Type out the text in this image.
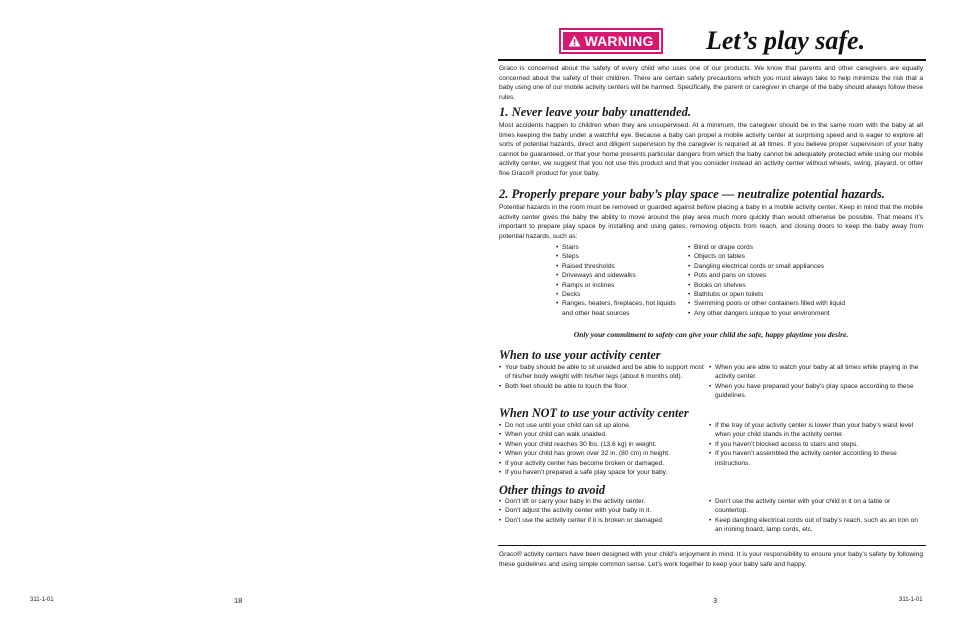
WARNING Let’s play safe.
Graco is concerned about the safety of every child who uses one of our products. We know that parents and other caregivers are equally concerned about the safety of their children. There are certain safety precautions which you must always take to help minimize the risk that a baby using one of our mobile activity centers will be harmed. Specifically, the parent or caregiver in charge of the baby should always follow these rules.
1. Never leave your baby unattended.
Most accidents happen to children when they are unsupervised. At a minimum, the caregiver should be in the same room with the baby at all times keeping the baby under a watchful eye. Because a baby can propel a mobile activity center at surprising speed and is eager to explore all sorts of potential hazards, direct and diligent supervision by the caregiver is required at all times. If you believe proper supervision of your baby cannot be guaranteed, or that your home presents particular dangers from which the baby cannot be adequately protected while using our mobile activity center, we suggest that you not use this product and that you consider instead an activity center without wheels, swing, playard, or other fine Graco® product for your baby.
2. Properly prepare your baby’s play space — neutralize potential hazards.
Potential hazards in the room must be removed or guarded against before placing a baby in a mobile activity center. Keep in mind that the mobile activity center gives the baby the ability to move around the play area much more quickly than would otherwise be possible. That means it’s important to prepare play space by installing and using gates, removing objects from reach, and closing doors to keep the baby away from potential hazards, such as:
• Stairs
• Steps
• Raised thresholds
• Driveways and sidewalks
• Ramps or inclines
• Decks
• Ranges, heaters, fireplaces, hot liquids and other heat sources
• Blind or drape cords
• Objects on tables
• Dangling electrical cords or small appliances
• Pots and pans on stoves
• Books on shelves
• Bathtubs or open toilets
• Swimming pools or other containers filled with liquid
• Any other dangers unique to your environment
Only your commitment to safety can give your child the safe, happy playtime you desire.
When to use your activity center
• Your baby should be able to sit unaided and be able to support most of his/her body weight with his/her legs (about 6 months old).
• Both feet should be able to touch the floor.
• When you are able to watch your baby at all times while playing in the activity center.
• When you have prepared your baby’s play space according to these guidelines.
When NOT to use your activity center
• Do not use until your child can sit up alone.
• When your child can walk unaided.
• When your child reaches 30 lbs. (13.6 kg) in weight.
• When your child has grown over 32 in. (80 cm) in height.
• If your activity center has become broken or damaged.
• If you haven’t prepared a safe play space for your baby.
• If the tray of your activity center is lower than your baby’s waist level when your child stands in the activity center.
• If you haven’t blocked access to stairs and steps.
• If you haven’t assembled the activity center according to these instructions.
Other things to avoid
• Don’t lift or carry your baby in the activity center.
• Don’t adjust the activity center with your baby in it.
• Don’t use the activity center if it is broken or damaged.
• Don’t use the activity center with your child in it on a table or countertop.
• Keep dangling electrical cords out of baby’s reach, such as an iron on an ironing board, lamp cords, etc.
Graco® activity centers have been designed with your child’s enjoyment in mind. It is your responsibility to ensure your baby’s safety by following these guidelines and using simple common sense. Let’s work together to keep your baby safe and happy.
311-1-01	18	3	311-1-01
